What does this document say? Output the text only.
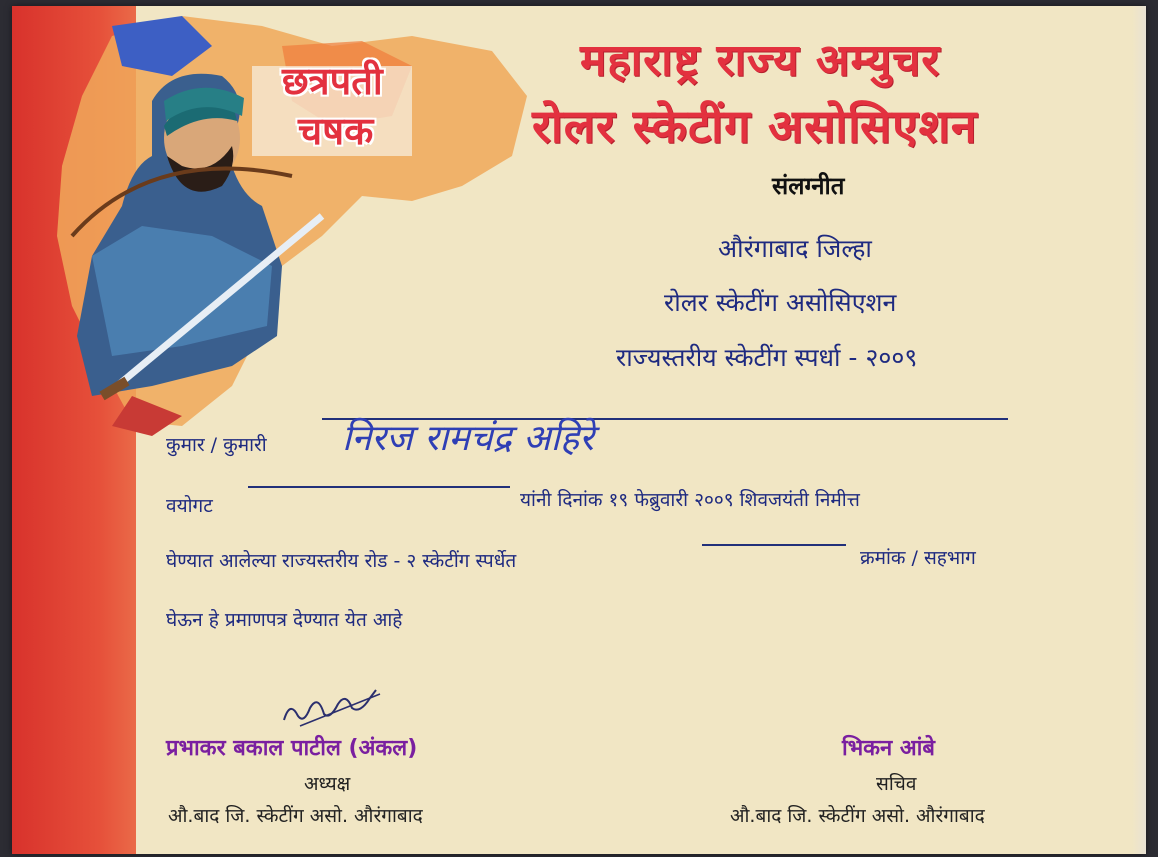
छत्रपती
चषक
महाराष्ट्र राज्य अम्युचर
रोलर स्केटींग असोसिएशन
संलग्नीत
औरंगाबाद जिल्हा
रोलर स्केटींग असोसिएशन
राज्यस्तरीय स्केटींग स्पर्धा - २००९
कुमार / कुमारी निरज रामचंद्र अहिरे
वयोगट	यांनी दिनांक १९ फेब्रुवारी २००९ शिवजयंती निमीत्त
घेण्यात आलेल्या राज्यस्तरीय रोड - २ स्केटींग स्पर्धेत	क्रमांक / सहभाग
घेऊन हे प्रमाणपत्र देण्यात येत आहे
प्रभाकर बकाल पाटील (अंकल)
अध्यक्ष
औ.बाद जि. स्केटींग असो. औरंगाबाद
भिकन आंबे
सचिव
औ.बाद जि. स्केटींग असो. औरंगाबाद
